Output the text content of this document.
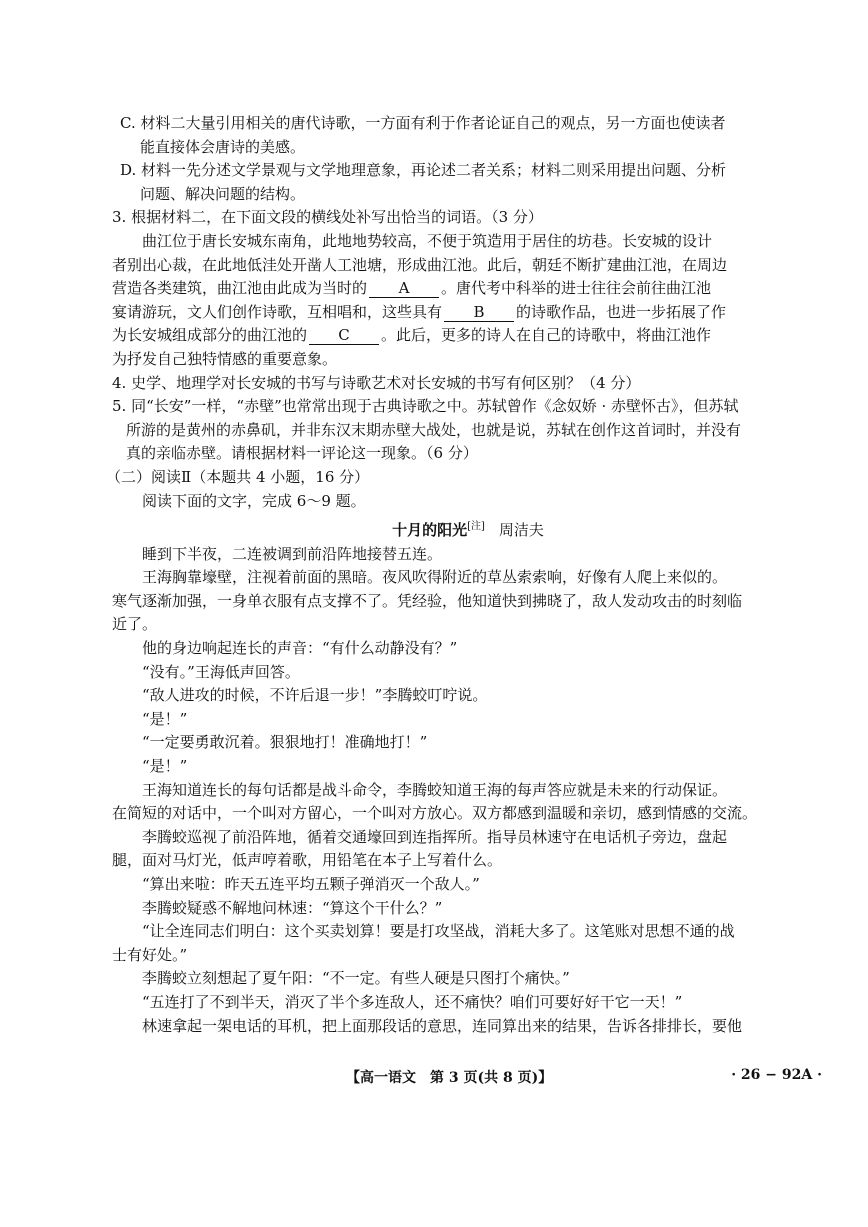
C. 材料二大量引用相关的唐代诗歌，一方面有利于作者论证自己的观点，另一方面也使读者
能直接体会唐诗的美感。
D. 材料一先分述文学景观与文学地理意象，再论述二者关系；材料二则采用提出问题、分析
问题、解决问题的结构。
3. 根据材料二，在下面文段的横线处补写出恰当的词语。（3 分）
曲江位于唐长安城东南角，此地地势较高，不便于筑造用于居住的坊巷。长安城的设计
者别出心裁，在此地低洼处开凿人工池塘，形成曲江池。此后，朝廷不断扩建曲江池，在周边
营造各类建筑，曲江池由此成为当时的 A 。唐代考中科举的进士往往会前往曲江池
宴请游玩，文人们创作诗歌，互相唱和，这些具有 B 的诗歌作品，也进一步拓展了作
为长安城组成部分的曲江池的 C 。此后，更多的诗人在自己的诗歌中，将曲江池作
为抒发自己独特情感的重要意象。
4. 史学、地理学对长安城的书写与诗歌艺术对长安城的书写有何区别？（4 分）
5. 同“长安”一样，“赤壁”也常常出现于古典诗歌之中。苏轼曾作《念奴娇 · 赤壁怀古》，但苏轼
所游的是黄州的赤鼻矶，并非东汉末期赤壁大战处，也就是说，苏轼在创作这首词时，并没有
真的亲临赤壁。请根据材料一评论这一现象。（6 分）
（二）阅读Ⅱ（本题共 4 小题，16 分）
阅读下面的文字，完成 6～9 题。
十月的阳光[注] 周洁夫
睡到下半夜，二连被调到前沿阵地接替五连。
王海胸靠壕壁，注视着前面的黑暗。夜风吹得附近的草丛索索响，好像有人爬上来似的。
寒气逐渐加强，一身单衣服有点支撑不了。凭经验，他知道快到拂晓了，敌人发动攻击的时刻临
近了。
他的身边响起连长的声音：“有什么动静没有？”
“没有。”王海低声回答。
“敌人进攻的时候，不许后退一步！”李腾蛟叮咛说。
“是！”
“一定要勇敢沉着。狠狠地打！准确地打！”
“是！”
王海知道连长的每句话都是战斗命令，李腾蛟知道王海的每声答应就是未来的行动保证。
在简短的对话中，一个叫对方留心，一个叫对方放心。双方都感到温暖和亲切，感到情感的交流。
李腾蛟巡视了前沿阵地，循着交通壕回到连指挥所。指导员林速守在电话机子旁边，盘起
腿，面对马灯光，低声哼着歌，用铅笔在本子上写着什么。
“算出来啦：昨天五连平均五颗子弹消灭一个敌人。”
李腾蛟疑惑不解地问林速：“算这个干什么？”
“让全连同志们明白：这个买卖划算！要是打攻坚战，消耗大多了。这笔账对思想不通的战
士有好处。”
李腾蛟立刻想起了夏午阳：“不一定。有些人硬是只图打个痛快。”
“五连打了不到半天，消灭了半个多连敌人，还不痛快？咱们可要好好干它一天！”
林速拿起一架电话的耳机，把上面那段话的意思，连同算出来的结果，告诉各排排长，要他
【高一语文　第 3 页(共 8 页)】	· 26 − 92A ·
